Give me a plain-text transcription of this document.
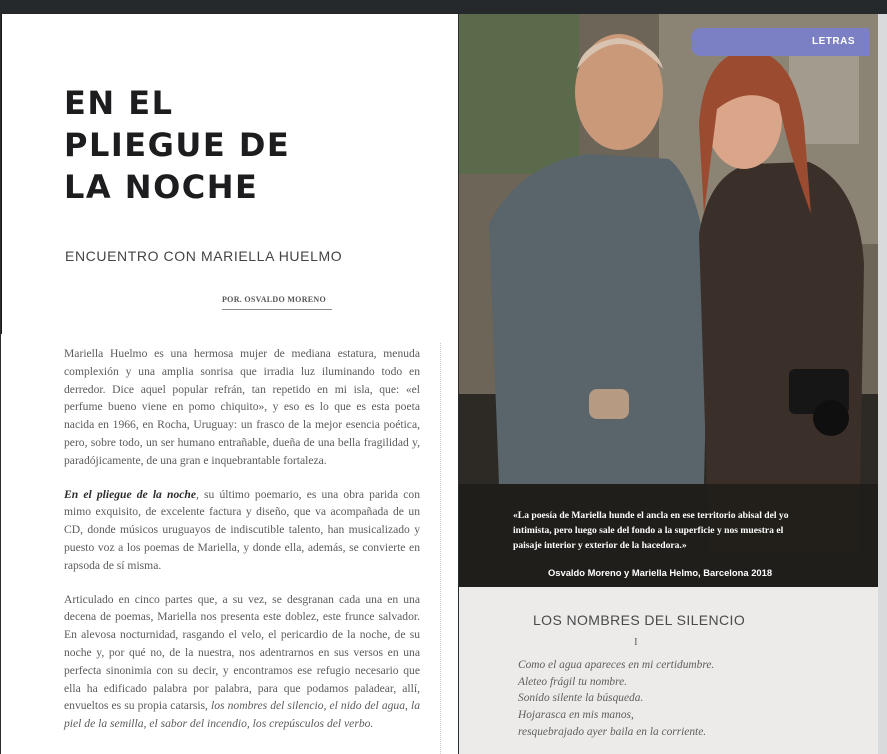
EN EL
PLIEGUE DE
LA NOCHE
ENCUENTRO CON MARIELLA HUELMO
POR. OSVALDO MORENO

Mariella Huelmo es una hermosa mujer de mediana estatura, menuda complexión y una amplia sonrisa que irradia luz iluminando todo en derredor. Dice aquel popular refrán, tan repetido en mi isla, que: «el perfume bueno viene en pomo chiquito», y eso es lo que es esta poeta nacida en 1966, en Rocha, Uruguay: un frasco de la mejor esencia poética, pero, sobre todo, un ser humano entrañable, dueña de una bella fragilidad y, paradójicamente, de una gran e inquebrantable fortaleza.

En el pliegue de la noche, su último poemario, es una obra parida con mimo exquisito, de excelente factura y diseño, que va acompañada de un CD, donde músicos uruguayos de indiscutible talento, han musicalizado y puesto voz a los poemas de Mariella, y donde ella, además, se convierte en rapsoda de sí misma.

Articulado en cinco partes que, a su vez, se desgranan cada una en una decena de poemas, Mariella nos presenta este doblez, este frunce salvador. En alevosa nocturnidad, rasgando el velo, el pericardio de la noche, de su noche y, por qué no, de la nuestra, nos adentrarnos en sus versos en una perfecta sinonimia con su decir, y encontramos ese refugio necesario que ella ha edificado palabra por palabra, para que podamos paladear, allí, envueltos es su propia catarsis, los nombres del silencio, el nido del agua, la piel de la semilla, el sabor del incendio, los crepúsculos del verbo.

LETRAS
«La poesía de Mariella hunde el ancla en ese territorio abisal del yo intimista, pero luego sale del fondo a la superficie y nos muestra el paisaje interior y exterior de la hacedora.»
Osvaldo Moreno y Mariella Helmo, Barcelona 2018
LOS NOMBRES DEL SILENCIO
I
Como el agua apareces en mi certidumbre.
Aleteo frágil tu nombre.
Sonido silente la búsqueda.
Hojarasca en mis manos,
resquebrajado ayer baila en la corriente.
